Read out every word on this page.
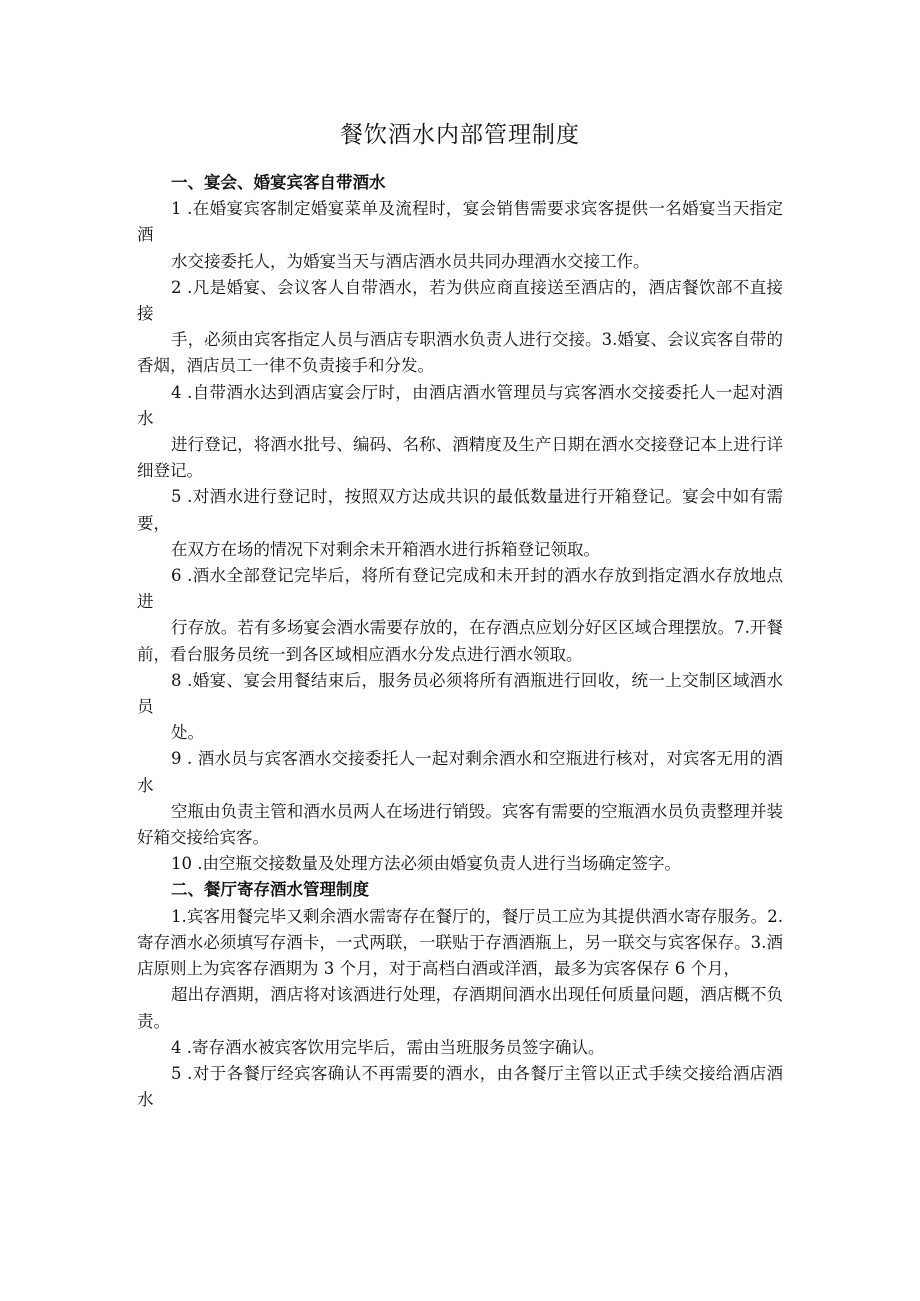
餐饮酒水内部管理制度
一、宴会、婚宴宾客自带酒水
1 .在婚宴宾客制定婚宴菜单及流程时，宴会销售需要求宾客提供一名婚宴当天指定酒
水交接委托人，为婚宴当天与酒店酒水员共同办理酒水交接工作。
2 .凡是婚宴、会议客人自带酒水，若为供应商直接送至酒店的，酒店餐饮部不直接接
手，必须由宾客指定人员与酒店专职酒水负责人进行交接。3.婚宴、会议宾客自带的香烟，酒店员工一律不负责接手和分发。
4 .自带酒水达到酒店宴会厅时，由酒店酒水管理员与宾客酒水交接委托人一起对酒水
进行登记，将酒水批号、编码、名称、酒精度及生产日期在酒水交接登记本上进行详细登记。
5 .对酒水进行登记时，按照双方达成共识的最低数量进行开箱登记。宴会中如有需要，
在双方在场的情况下对剩余未开箱酒水进行拆箱登记领取。
6 .酒水全部登记完毕后，将所有登记完成和未开封的酒水存放到指定酒水存放地点进
行存放。若有多场宴会酒水需要存放的，在存酒点应划分好区区域合理摆放。7.开餐前，看台服务员统一到各区域相应酒水分发点进行酒水领取。
8 .婚宴、宴会用餐结束后，服务员必须将所有酒瓶进行回收，统一上交制区域酒水员
处。
9 . 酒水员与宾客酒水交接委托人一起对剩余酒水和空瓶进行核对，对宾客无用的酒水
空瓶由负责主管和酒水员两人在场进行销毁。宾客有需要的空瓶酒水员负责整理并装好箱交接给宾客。
10 .由空瓶交接数量及处理方法必须由婚宴负责人进行当场确定签字。
二、餐厅寄存酒水管理制度
1.宾客用餐完毕又剩余酒水需寄存在餐厅的，餐厅员工应为其提供酒水寄存服务。2.寄存酒水必须填写存酒卡，一式两联，一联贴于存酒酒瓶上，另一联交与宾客保存。3.酒店原则上为宾客存酒期为 3 个月，对于高档白酒或洋酒，最多为宾客保存 6 个月，
超出存酒期，酒店将对该酒进行处理，存酒期间酒水出现任何质量问题，酒店概不负责。
4 .寄存酒水被宾客饮用完毕后，需由当班服务员签字确认。
5 .对于各餐厅经宾客确认不再需要的酒水，由各餐厅主管以正式手续交接给酒店酒水
